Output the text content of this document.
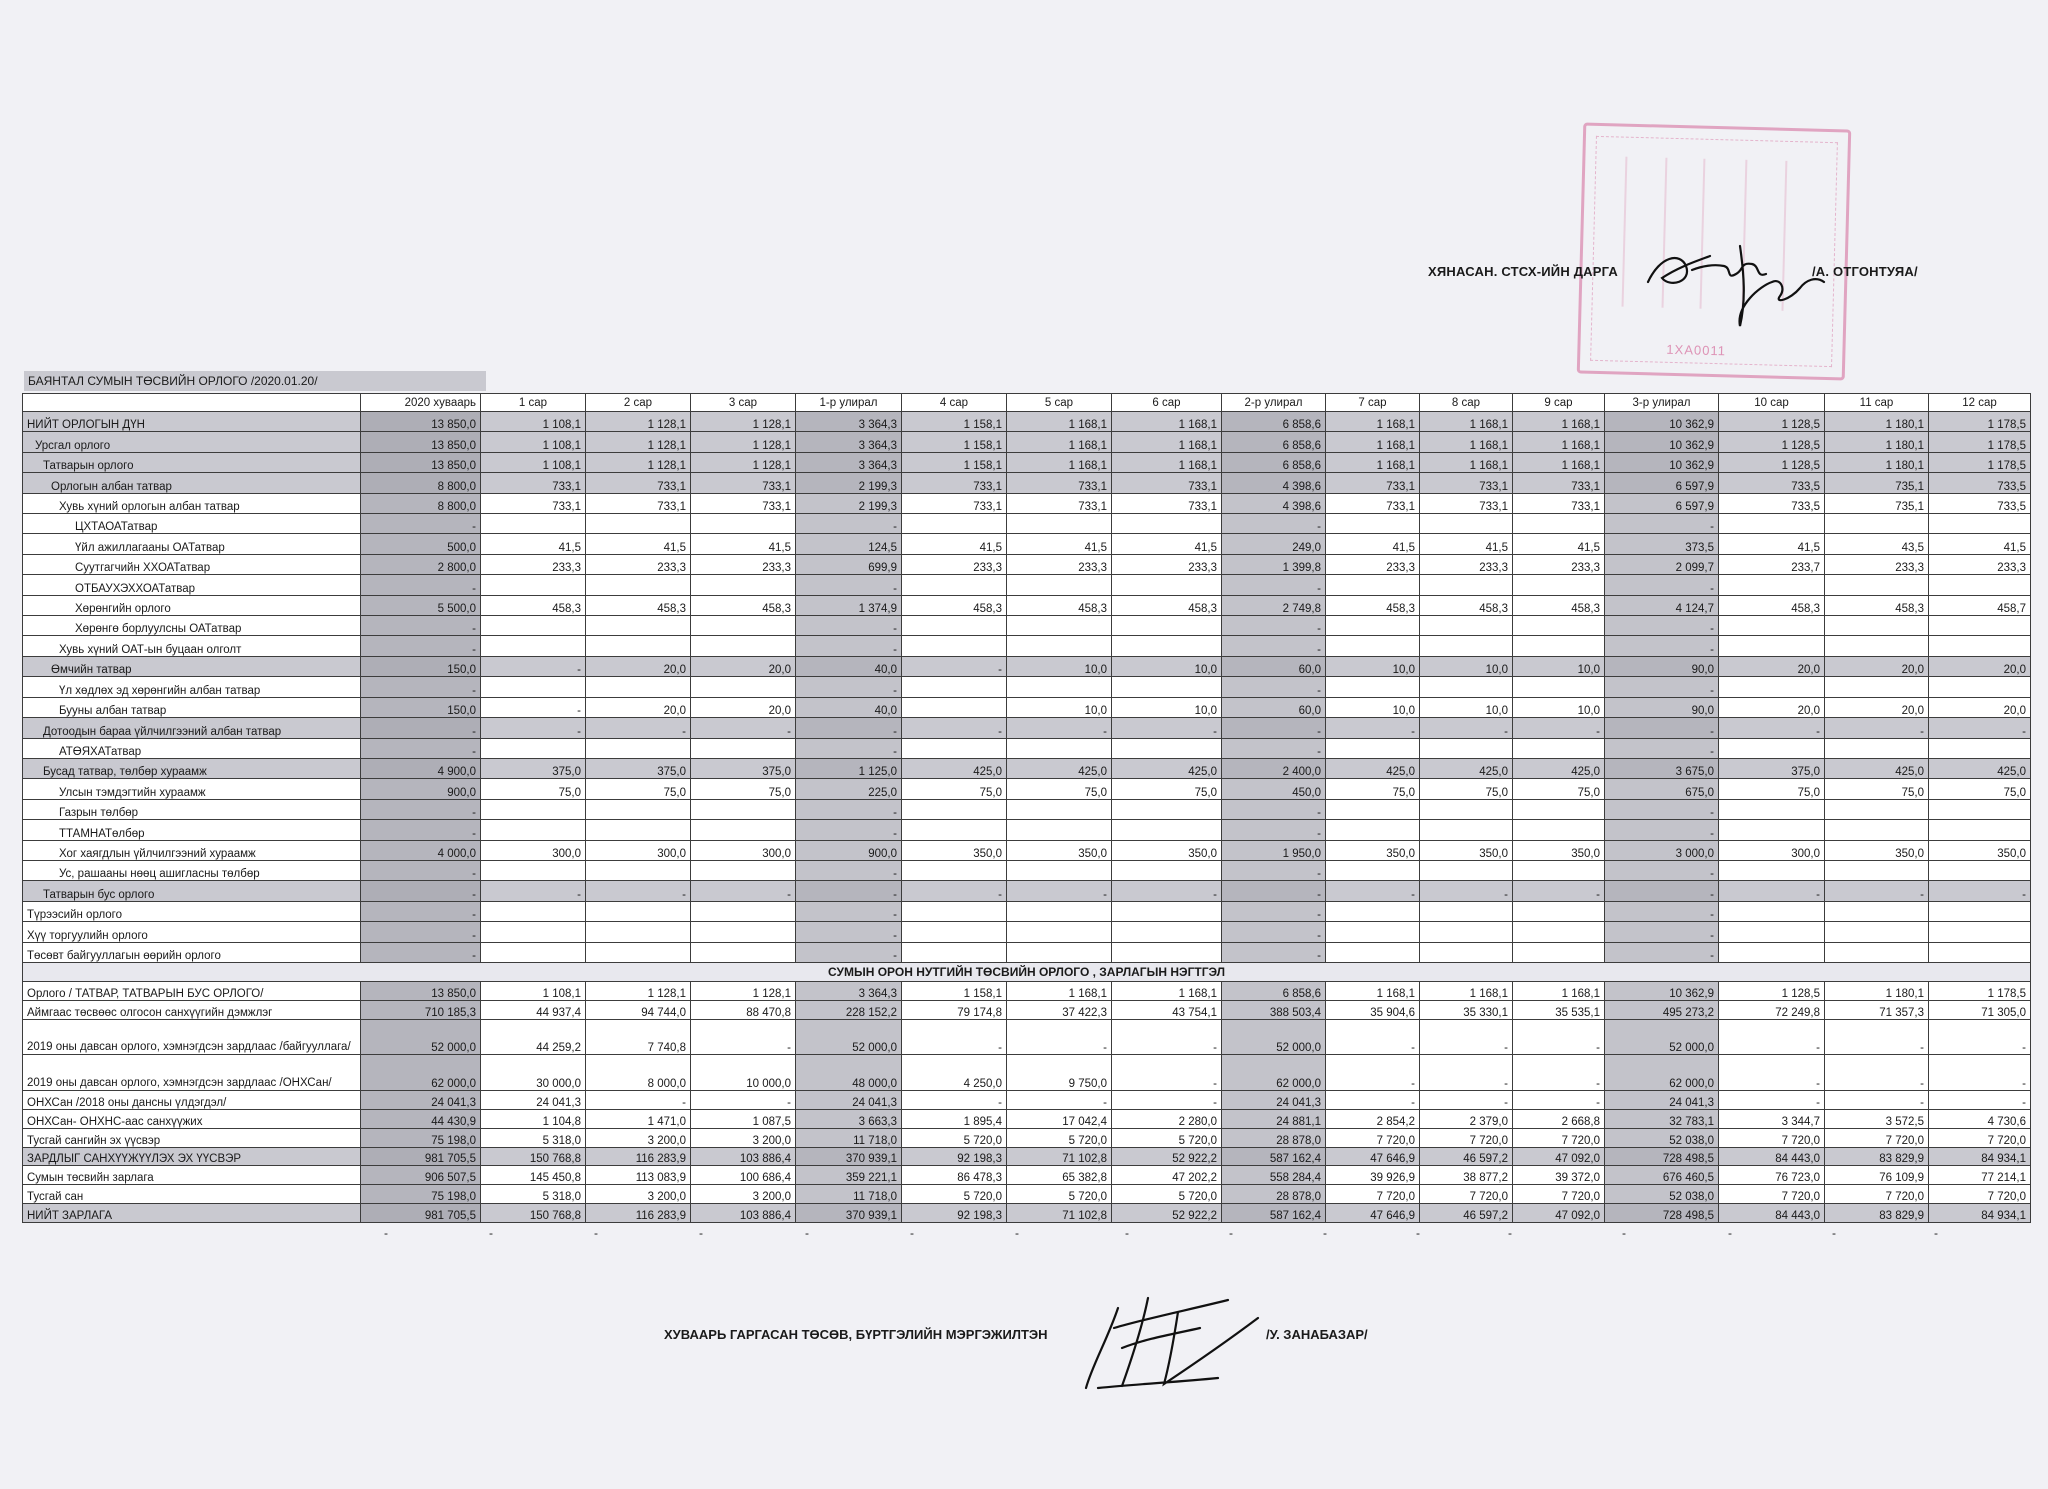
1ХА0011
ХЯНАСАН. СТСХ-ИЙН ДАРГА	/А. ОТГОНТУЯА/
БАЯНТАЛ СУМЫН ТӨСВИЙН ОРЛОГО /2020.01.20/
	2020 хуваарь	1 сар	2 сар	3 сар	1-р улирал	4 сар	5 сар	6 сар	2-р улирал	7 сар	8 сар	9 сар	3-р улирал	10 сар	11 сар	12 сар
НИЙТ ОРЛОГЫН ДҮН	13 850,0	1 108,1	1 128,1	1 128,1	3 364,3	1 158,1	1 168,1	1 168,1	6 858,6	1 168,1	1 168,1	1 168,1	10 362,9	1 128,5	1 180,1	1 178,5
Урсгал орлого	13 850,0	1 108,1	1 128,1	1 128,1	3 364,3	1 158,1	1 168,1	1 168,1	6 858,6	1 168,1	1 168,1	1 168,1	10 362,9	1 128,5	1 180,1	1 178,5
Татварын орлого	13 850,0	1 108,1	1 128,1	1 128,1	3 364,3	1 158,1	1 168,1	1 168,1	6 858,6	1 168,1	1 168,1	1 168,1	10 362,9	1 128,5	1 180,1	1 178,5
Орлогын албан татвар	8 800,0	733,1	733,1	733,1	2 199,3	733,1	733,1	733,1	4 398,6	733,1	733,1	733,1	6 597,9	733,5	735,1	733,5
Хувь хүний орлогын албан татвар	8 800,0	733,1	733,1	733,1	2 199,3	733,1	733,1	733,1	4 398,6	733,1	733,1	733,1	6 597,9	733,5	735,1	733,5
ЦХТАОАТатвар	-				-				-				-			
Үйл ажиллагааны ОАТатвар	500,0	41,5	41,5	41,5	124,5	41,5	41,5	41,5	249,0	41,5	41,5	41,5	373,5	41,5	43,5	41,5
Суутгагчийн ХХОАТатвар	2 800,0	233,3	233,3	233,3	699,9	233,3	233,3	233,3	1 399,8	233,3	233,3	233,3	2 099,7	233,7	233,3	233,3
ОТБАУХЭХХОАТатвар	-				-				-				-			
Хөрөнгийн орлого	5 500,0	458,3	458,3	458,3	1 374,9	458,3	458,3	458,3	2 749,8	458,3	458,3	458,3	4 124,7	458,3	458,3	458,7
Хөрөнгө борлуулсны ОАТатвар	-				-				-				-			
Хувь хүний ОАТ-ын буцаан олголт	-				-				-				-			
Өмчийн татвар	150,0	-	20,0	20,0	40,0	-	10,0	10,0	60,0	10,0	10,0	10,0	90,0	20,0	20,0	20,0
Үл хөдлөх эд хөрөнгийн албан татвар	-				-				-				-			
Бууны албан татвар	150,0	-	20,0	20,0	40,0		10,0	10,0	60,0	10,0	10,0	10,0	90,0	20,0	20,0	20,0
Дотоодын бараа үйлчилгээний албан татвар	-	-	-	-	-	-	-	-	-	-	-	-	-	-	-	-
АТӨЯХАТатвар	-				-				-				-			
Бусад татвар, төлбөр хураамж	4 900,0	375,0	375,0	375,0	1 125,0	425,0	425,0	425,0	2 400,0	425,0	425,0	425,0	3 675,0	375,0	425,0	425,0
Улсын тэмдэгтийн хураамж	900,0	75,0	75,0	75,0	225,0	75,0	75,0	75,0	450,0	75,0	75,0	75,0	675,0	75,0	75,0	75,0
Газрын төлбөр	-				-				-				-			
ТТАМНАТөлбөр	-				-				-				-			
Хог хаягдлын үйлчилгээний хураамж	4 000,0	300,0	300,0	300,0	900,0	350,0	350,0	350,0	1 950,0	350,0	350,0	350,0	3 000,0	300,0	350,0	350,0
Ус, рашааны нөөц ашигласны төлбөр	-				-				-				-			
Татварын бус орлого	-	-	-	-	-	-	-	-	-	-	-	-	-	-	-	-
Түрээсийн орлого	-				-				-				-			
Хүү торгуулийн орлого	-				-				-				-			
Төсөвт байгууллагын өөрийн орлого	-				-				-				-			
СУМЫН ОРОН НУТГИЙН ТӨСВИЙН ОРЛОГО , ЗАРЛАГЫН НЭГТГЭЛ																
Орлого / ТАТВАР, ТАТВАРЫН БУС ОРЛОГО/	13 850,0	1 108,1	1 128,1	1 128,1	3 364,3	1 158,1	1 168,1	1 168,1	6 858,6	1 168,1	1 168,1	1 168,1	10 362,9	1 128,5	1 180,1	1 178,5
Аймгаас төсвөөс олгосон санхүүгийн дэмжлэг	710 185,3	44 937,4	94 744,0	88 470,8	228 152,2	79 174,8	37 422,3	43 754,1	388 503,4	35 904,6	35 330,1	35 535,1	495 273,2	72 249,8	71 357,3	71 305,0
2019 оны давсан орлого, хэмнэгдсэн зардлаас /байгууллага/	52 000,0	44 259,2	7 740,8	-	52 000,0	-	-	-	52 000,0	-	-	-	52 000,0	-	-	-
2019 оны давсан орлого, хэмнэгдсэн зардлаас /ОНХСан/	62 000,0	30 000,0	8 000,0	10 000,0	48 000,0	4 250,0	9 750,0	-	62 000,0	-	-	-	62 000,0	-	-	-
ОНХСан /2018 оны дансны үлдэгдэл/	24 041,3	24 041,3	-	-	24 041,3	-	-	-	24 041,3	-	-	-	24 041,3	-	-	-
ОНХСан- ОНХНС-аас санхүүжих	44 430,9	1 104,8	1 471,0	1 087,5	3 663,3	1 895,4	17 042,4	2 280,0	24 881,1	2 854,2	2 379,0	2 668,8	32 783,1	3 344,7	3 572,5	4 730,6
Тусгай сангийн эх үүсвэр	75 198,0	5 318,0	3 200,0	3 200,0	11 718,0	5 720,0	5 720,0	5 720,0	28 878,0	7 720,0	7 720,0	7 720,0	52 038,0	7 720,0	7 720,0	7 720,0
ЗАРДЛЫГ САНХҮҮЖҮҮЛЭХ ЭХ ҮҮСВЭР	981 705,5	150 768,8	116 283,9	103 886,4	370 939,1	92 198,3	71 102,8	52 922,2	587 162,4	47 646,9	46 597,2	47 092,0	728 498,5	84 443,0	83 829,9	84 934,1
Сумын төсвийн зарлага	906 507,5	145 450,8	113 083,9	100 686,4	359 221,1	86 478,3	65 382,8	47 202,2	558 284,4	39 926,9	38 877,2	39 372,0	676 460,5	76 723,0	76 109,9	77 214,1
Тусгай сан	75 198,0	5 318,0	3 200,0	3 200,0	11 718,0	5 720,0	5 720,0	5 720,0	28 878,0	7 720,0	7 720,0	7 720,0	52 038,0	7 720,0	7 720,0	7 720,0
НИЙТ ЗАРЛАГА	981 705,5	150 768,8	116 283,9	103 886,4	370 939,1	92 198,3	71 102,8	52 922,2	587 162,4	47 646,9	46 597,2	47 092,0	728 498,5	84 443,0	83 829,9	84 934,1
-	-	-	-	-	-	-	-	-	-	-	-	-	-	-	-
ХУВААРЬ ГАРГАСАН ТӨСӨВ, БҮРТГЭЛИЙН МЭРГЭЖИЛТЭН	/У. ЗАНАБАЗАР/
